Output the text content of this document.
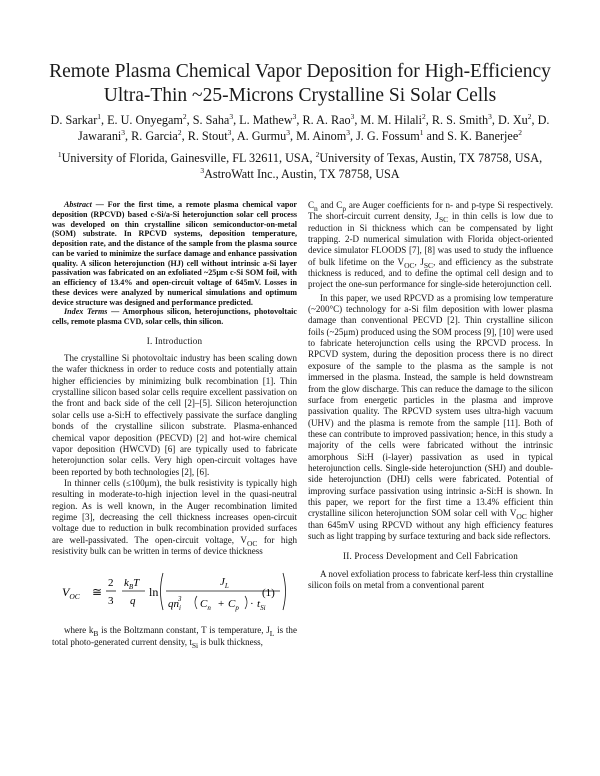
Remote Plasma Chemical Vapor Deposition for High-Efficiency Ultra-Thin ~25-Microns Crystalline Si Solar Cells
D. Sarkar$^1$, E. U. Onyegam$^2$, S. Saha$^3$, L. Mathew$^3$, R. A. Rao$^3$, M. M. Hilali$^2$, R. S. Smith$^3$, D. Xu$^2$, D. Jawarani$^3$, R. Garcia$^2$, R. Stout$^3$, A. Gurmu$^3$, M. Ainom$^3$, J. G. Fossum$^1$ and S. K. Banerjee$^2$
$^1$University of Florida, Gainesville, FL 32611, USA, $^2$University of Texas, Austin, TX 78758, USA, $^3$AstroWatt Inc., Austin, TX 78758, USA

Abstract — For the first time, a remote plasma chemical vapor deposition (RPCVD) based c-Si/a-Si heterojunction solar cell process was developed on thin crystalline silicon semiconductor-on-metal (SOM) substrate. In RPCVD systems, deposition temperature, deposition rate, and the distance of the sample from the plasma source can be varied to minimize the surface damage and enhance passivation quality. A silicon heterojunction (HJ) cell without intrinsic a-Si layer passivation was fabricated on an exfoliated ~25μm c-Si SOM foil, with an efficiency of 13.4% and open-circuit voltage of 645mV. Losses in these devices were analyzed by numerical simulations and optimum device structure was designed and performance predicted.

Index Terms — Amorphous silicon, heterojunctions, photovoltaic cells, remote plasma CVD, solar cells, thin silicon.

I. Introduction

The crystalline Si photovoltaic industry has been scaling down the wafer thickness in order to reduce costs and potentially attain higher efficiencies by minimizing bulk recombination [1]. Thin crystalline silicon based solar cells require excellent passivation on the front and back side of the cell [2]–[5]. Silicon heterojunction solar cells use a-Si:H to effectively passivate the surface dangling bonds of the crystalline silicon substrate. Plasma-enhanced chemical vapor deposition (PECVD) [2] and hot-wire chemical vapor deposition (HWCVD) [6] are typically used to fabricate heterojunction solar cells. Very high open-circuit voltages have been reported by both technologies [2], [6].

In thinner cells (≤100μm), the bulk resistivity is typically high resulting in moderate-to-high injection level in the quasi-neutral region. As is well known, in the Auger recombination limited regime [3], decreasing the cell thickness increases open-circuit voltage due to reduction in bulk recombination provided surfaces are well-passivated. The open-circuit voltage, $V_{OC}$ for high resistivity bulk can be written in terms of device thickness

$V_{OC}$ ≅
2
3
$k_BT$
q
ln
$J_L$
$qn_i3$ $C_n + C_p \cdot t_{Si}$
(1)

where $k_B$ is the Boltzmann constant, T is temperature, $J_L$ is the total photo-generated current density, $t_{Si}$ is bulk thickness,

$C_n$ and $C_p$ are Auger coefficients for n- and p-type Si respectively. The short-circuit current density, $J_{SC}$ in thin cells is low due to reduction in Si thickness which can be compensated by light trapping. 2-D numerical simulation with Florida object-oriented device simulator FLOODS [7], [8] was used to study the influence of bulk lifetime on the $V_{OC}$, $J_{SC}$, and efficiency as the substrate thickness is reduced, and to define the optimal cell design and to project the one-sun performance for single-side heterojunction cell.

In this paper, we used RPCVD as a promising low temperature (~200°C) technology for a-Si film deposition with lower plasma damage than conventional PECVD [2]. Thin crystalline silicon foils (~25μm) produced using the SOM process [9], [10] were used to fabricate heterojunction cells using the RPCVD process. In RPCVD system, during the deposition process there is no direct exposure of the sample to the plasma as the sample is not immersed in the plasma. Instead, the sample is held downstream from the glow discharge. This can reduce the damage to the silicon surface from energetic particles in the plasma and improve passivation quality. The RPCVD system uses ultra-high vacuum (UHV) and the plasma is remote from the sample [11]. Both of these can contribute to improved passivation; hence, in this study a majority of the cells were fabricated without the intrinsic amorphous Si:H (i-layer) passivation as used in typical heterojunction cells. Single-side heterojunction (SHJ) and double-side heterojunction (DHJ) cells were fabricated. Potential of improving surface passivation using intrinsic a-Si:H is shown. In this paper, we report for the first time a 13.4% efficient thin crystalline silicon heterojunction SOM solar cell with $V_{OC}$ higher than 645mV using RPCVD without any high efficiency features such as light trapping by surface texturing and back side reflectors.

II. Process Development and Cell Fabrication

A novel exfoliation process to fabricate kerf-less thin crystalline silicon foils on metal from a conventional parent
